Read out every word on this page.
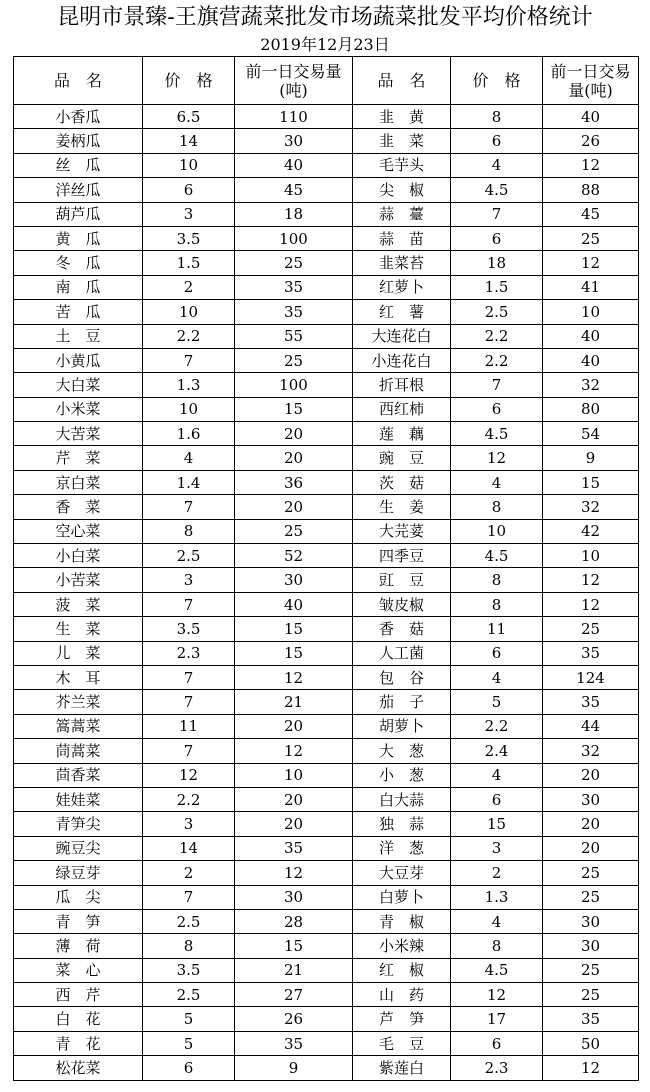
昆明市景臻-王旗营蔬菜批发市场蔬菜批发平均价格统计
2019年12月23日
品　名	价　格	前一日交易量(吨)	品　名	价　格	前一日交易量(吨)
小香瓜	6.5	110	韭　黄	8	40
姜柄瓜	14	30	韭　菜	6	26
丝　瓜	10	40	毛芋头	4	12
洋丝瓜	6	45	尖　椒	4.5	88
葫芦瓜	3	18	蒜　薹	7	45
黄　瓜	3.5	100	蒜　苗	6	25
冬　瓜	1.5	25	韭菜苔	18	12
南　瓜	2	35	红萝卜	1.5	41
苦　瓜	10	35	红　薯	2.5	10
土　豆	2.2	55	大连花白	2.2	40
小黄瓜	7	25	小连花白	2.2	40
大白菜	1.3	100	折耳根	7	32
小米菜	10	15	西红柿	6	80
大苦菜	1.6	20	莲　藕	4.5	54
芹　菜	4	20	豌　豆	12	9
京白菜	1.4	36	茨　菇	4	15
香　菜	7	20	生　姜	8	32
空心菜	8	25	大芫荽	10	42
小白菜	2.5	52	四季豆	4.5	10
小苦菜	3	30	豇　豆	8	12
菠　菜	7	40	皱皮椒	8	12
生　菜	3.5	15	香　菇	11	25
儿　菜	2.3	15	人工菌	6	35
木　耳	7	12	包　谷	4	124
芥兰菜	7	21	茄　子	5	35
篙蒿菜	11	20	胡萝卜	2.2	44
茼蒿菜	7	12	大　葱	2.4	32
茴香菜	12	10	小　葱	4	20
娃娃菜	2.2	20	白大蒜	6	30
青笋尖	3	20	独　蒜	15	20
豌豆尖	14	35	洋　葱	3	20
绿豆芽	2	12	大豆芽	2	25
瓜　尖	7	30	白萝卜	1.3	25
青　笋	2.5	28	青　椒	4	30
薄　荷	8	15	小米辣	8	30
菜　心	3.5	21	红　椒	4.5	25
西　芹	2.5	27	山　药	12	25
白　花	5	26	芦　笋	17	35
青　花	5	35	毛　豆	6	50
松花菜	6	9	紫莲白	2.3	12
